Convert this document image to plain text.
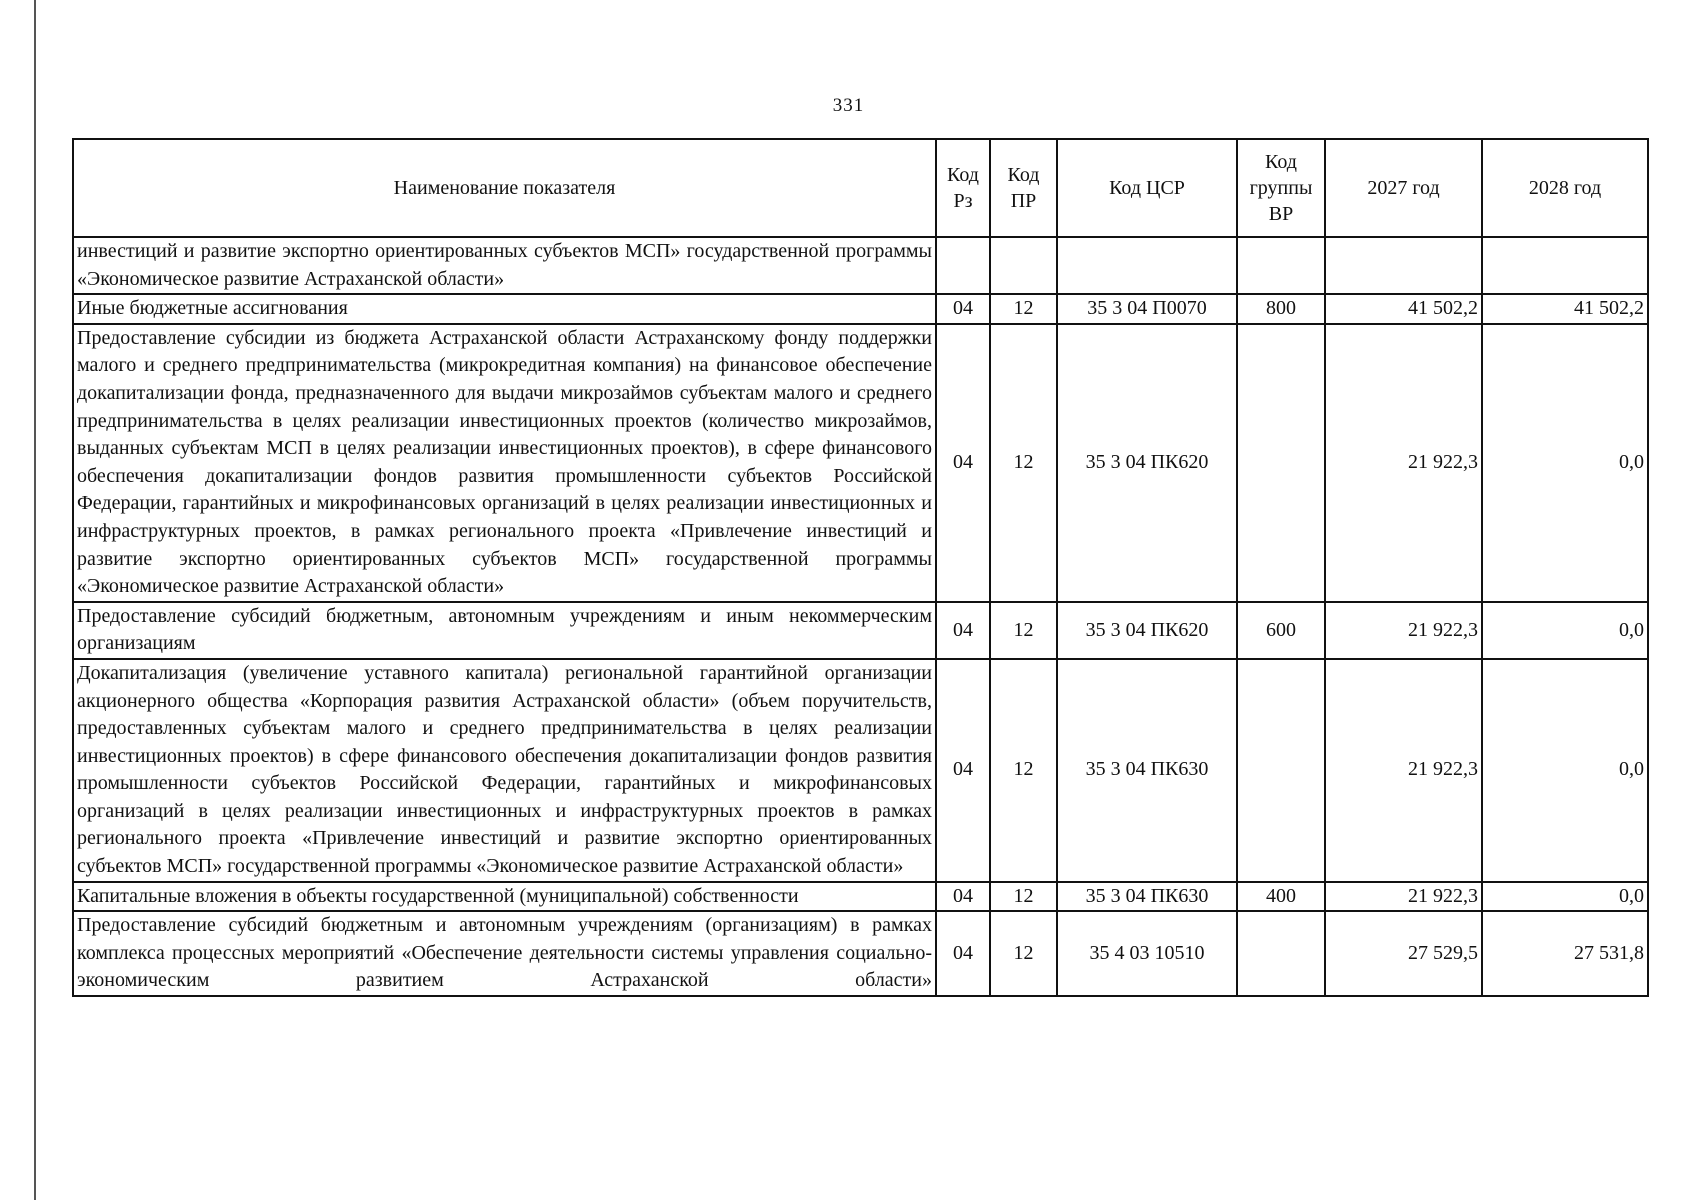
331
Наименование показателя	Код Рз	Код ПР	Код ЦСР	Код группы ВР	2027 год	2028 год
инвестиций и развитие экспортно ориентированных субъектов МСП» государственной программы «Экономическое развитие Астраханской области»						
Иные бюджетные ассигнования	04	12	35 3 04 П0070	800	41 502,2	41 502,2
Предоставление субсидии из бюджета Астраханской области Астраханскому фонду поддержки малого и среднего предпринимательства (микрокредитная компания) на финансовое обеспечение докапитализации фонда, предназначенного для выдачи микрозаймов субъектам малого и среднего предпринимательства в целях реализации инвестиционных проектов (количество микрозаймов, выданных субъектам МСП в целях реализации инвестиционных проектов), в сфере финансового обеспечения докапитализации фондов развития промышленности субъектов Российской Федерации, гарантийных и микрофинансовых организаций в целях реализации инвестиционных и инфраструктурных проектов, в рамках регионального проекта «Привлечение инвестиций и развитие экспортно ориентированных субъектов МСП» государственной программы «Экономическое развитие Астраханской области»	04	12	35 3 04 ПК620		21 922,3	0,0
Предоставление субсидий бюджетным, автономным учреждениям и иным некоммерческим организациям	04	12	35 3 04 ПК620	600	21 922,3	0,0
Докапитализация (увеличение уставного капитала) региональной гарантийной организации акционерного общества «Корпорация развития Астраханской области» (объем поручительств, предоставленных субъектам малого и среднего предпринимательства в целях реализации инвестиционных проектов) в сфере финансового обеспечения докапитализации фондов развития промышленности субъектов Российской Федерации, гарантийных и микрофинансовых организаций в целях реализации инвестиционных и инфраструктурных проектов в рамках регионального проекта «Привлечение инвестиций и развитие экспортно ориентированных субъектов МСП» государственной программы «Экономическое развитие Астраханской области»	04	12	35 3 04 ПК630		21 922,3	0,0
Капитальные вложения в объекты государственной (муниципальной) собственности	04	12	35 3 04 ПК630	400	21 922,3	0,0
Предоставление субсидий бюджетным и автономным учреждениям (организациям) в рамках комплекса процессных мероприятий «Обеспечение деятельности системы управления социально-экономическим развитием Астраханской области»	04	12	35 4 03 10510		27 529,5	27 531,8
